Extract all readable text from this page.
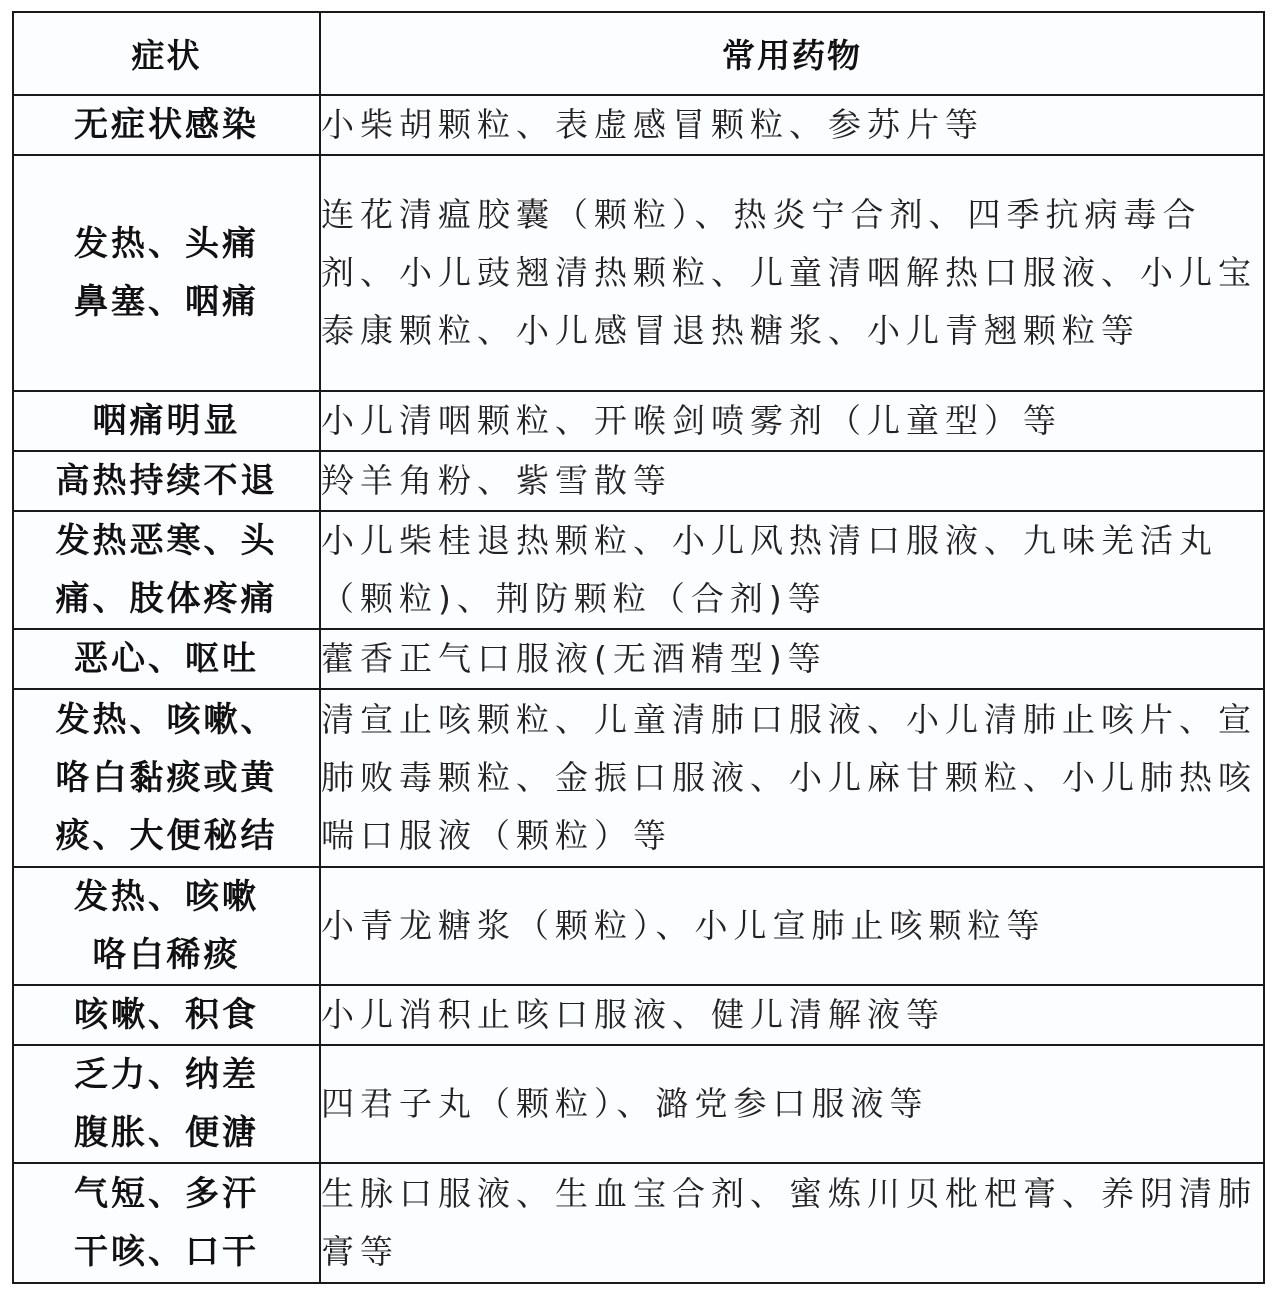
症状	常用药物

无症状感染	小柴胡颗粒、表虚感冒颗粒、参苏片等

发热、头痛
鼻塞、咽痛	连花清瘟胶囊（颗粒）、热炎宁合剂、四季抗病毒合剂、小儿豉翘清热颗粒、儿童清咽解热口服液、小儿宝泰康颗粒、小儿感冒退热糖浆、小儿青翘颗粒等

咽痛明显	小儿清咽颗粒、开喉剑喷雾剂（儿童型）等

高热持续不退	羚羊角粉、紫雪散等

发热恶寒、头
痛、肢体疼痛	小儿柴桂退热颗粒、小儿风热清口服液、九味羌活丸（颗粒)、荆防颗粒（合剂)等

恶心、呕吐	藿香正气口服液(无酒精型)等

发热、咳嗽、
咯白黏痰或黄
痰、大便秘结	清宣止咳颗粒、儿童清肺口服液、小儿清肺止咳片、宣肺败毒颗粒、金振口服液、小儿麻甘颗粒、小儿肺热咳喘口服液（颗粒）等

发热、咳嗽
咯白稀痰	小青龙糖浆（颗粒）、小儿宣肺止咳颗粒等

咳嗽、积食	小儿消积止咳口服液、健儿清解液等

乏力、纳差
腹胀、便溏	四君子丸（颗粒）、潞党参口服液等

气短、多汗
干咳、口干	生脉口服液、生血宝合剂、蜜炼川贝枇杷膏、养阴清肺膏等
